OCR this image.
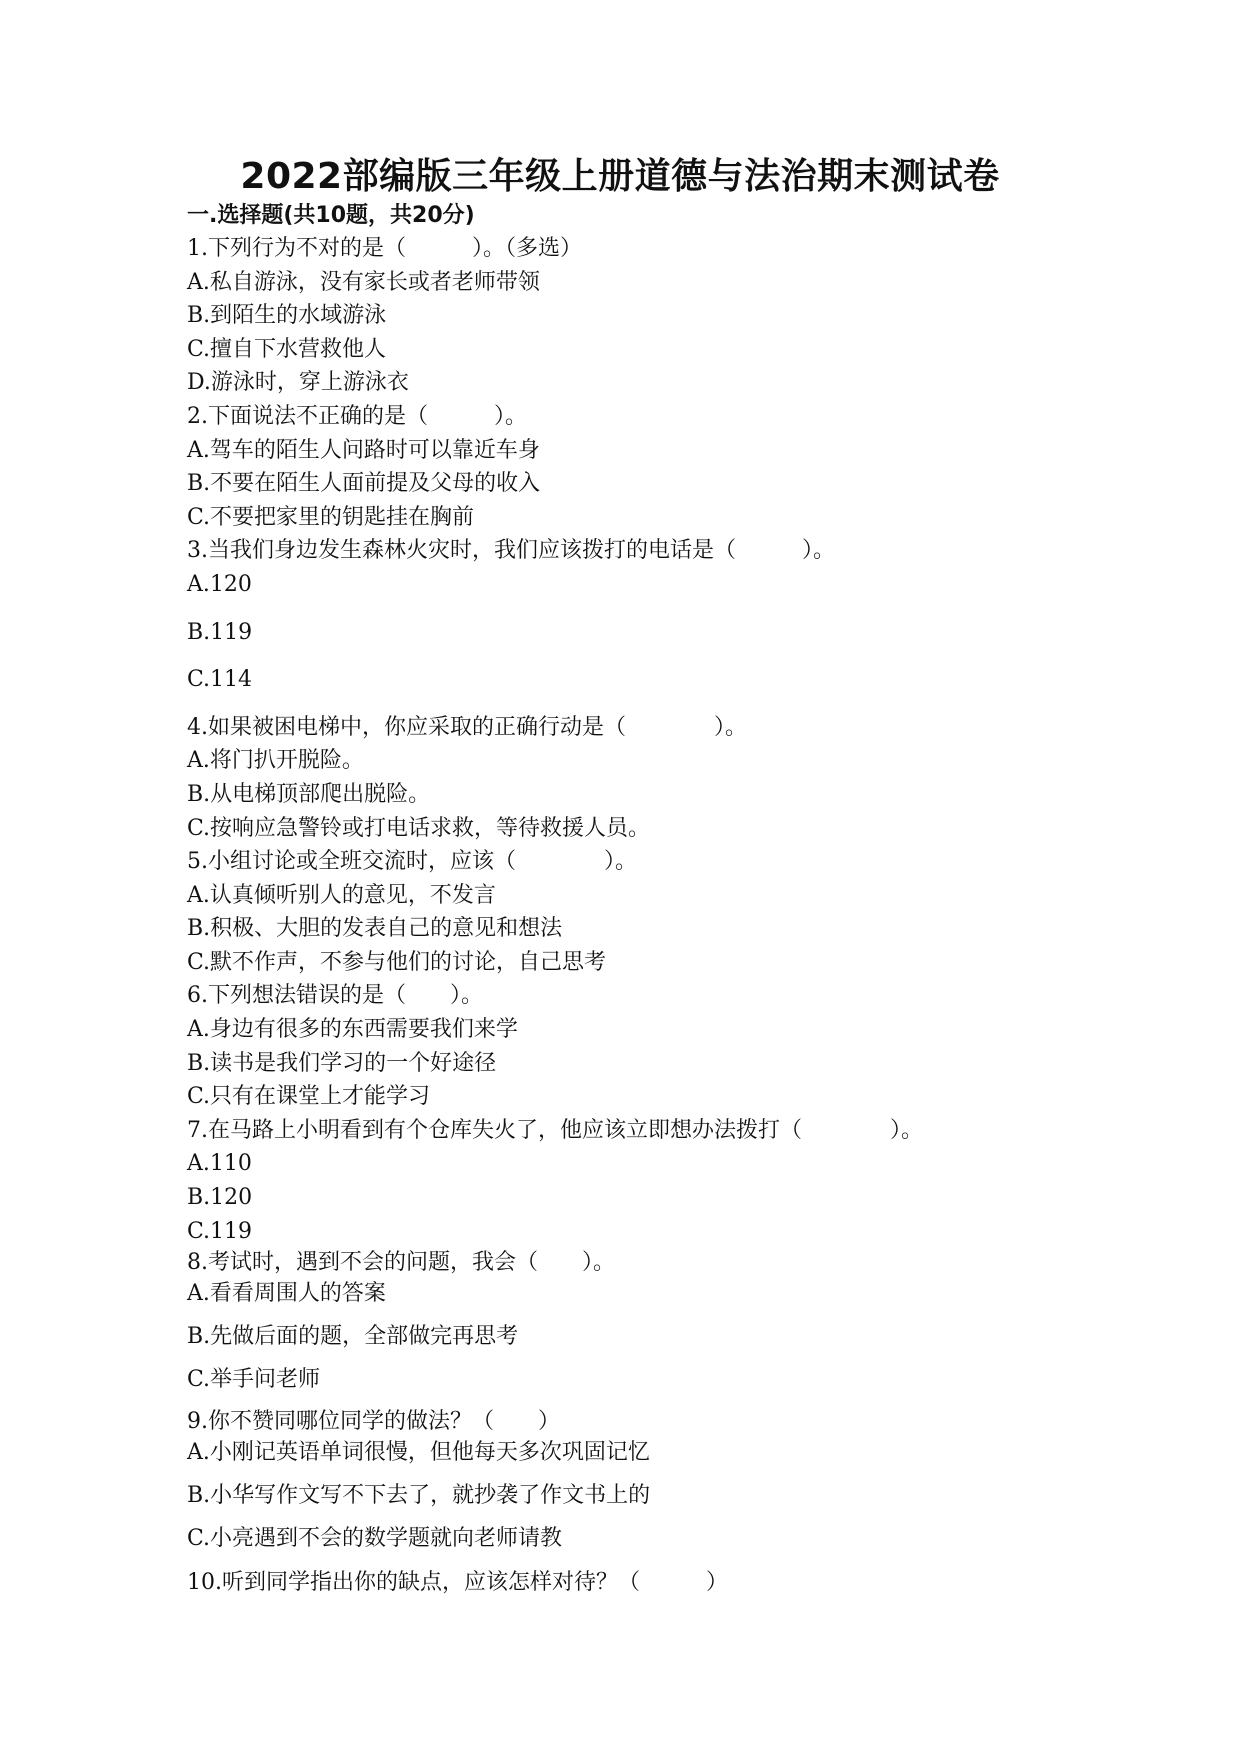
2022部编版三年级上册道德与法治期末测试卷
一.选择题(共10题，共20分)
1.下列行为不对的是（　　　）。（多选）
A.私自游泳，没有家长或者老师带领
B.到陌生的水域游泳
C.擅自下水营救他人
D.游泳时，穿上游泳衣
2.下面说法不正确的是（　　　）。
A.驾车的陌生人问路时可以靠近车身
B.不要在陌生人面前提及父母的收入
C.不要把家里的钥匙挂在胸前
3.当我们身边发生森林火灾时，我们应该拨打的电话是（　　　）。
A.120
B.119
C.114
4.如果被困电梯中，你应采取的正确行动是（　　　　）。
A.将门扒开脱险。
B.从电梯顶部爬出脱险。
C.按响应急警铃或打电话求救，等待救援人员。
5.小组讨论或全班交流时，应该（　　　　）。
A.认真倾听别人的意见，不发言
B.积极、大胆的发表自己的意见和想法
C.默不作声，不参与他们的讨论，自己思考
6.下列想法错误的是（　　）。
A.身边有很多的东西需要我们来学
B.读书是我们学习的一个好途径
C.只有在课堂上才能学习
7.在马路上小明看到有个仓库失火了，他应该立即想办法拨打（　　　　）。
A.110
B.120
C.119
8.考试时，遇到不会的问题，我会（　　）。
A.看看周围人的答案
B.先做后面的题，全部做完再思考
C.举手问老师
9.你不赞同哪位同学的做法？（　　）
A.小刚记英语单词很慢，但他每天多次巩固记忆
B.小华写作文写不下去了，就抄袭了作文书上的
C.小亮遇到不会的数学题就向老师请教
10.听到同学指出你的缺点，应该怎样对待？（　　　）
